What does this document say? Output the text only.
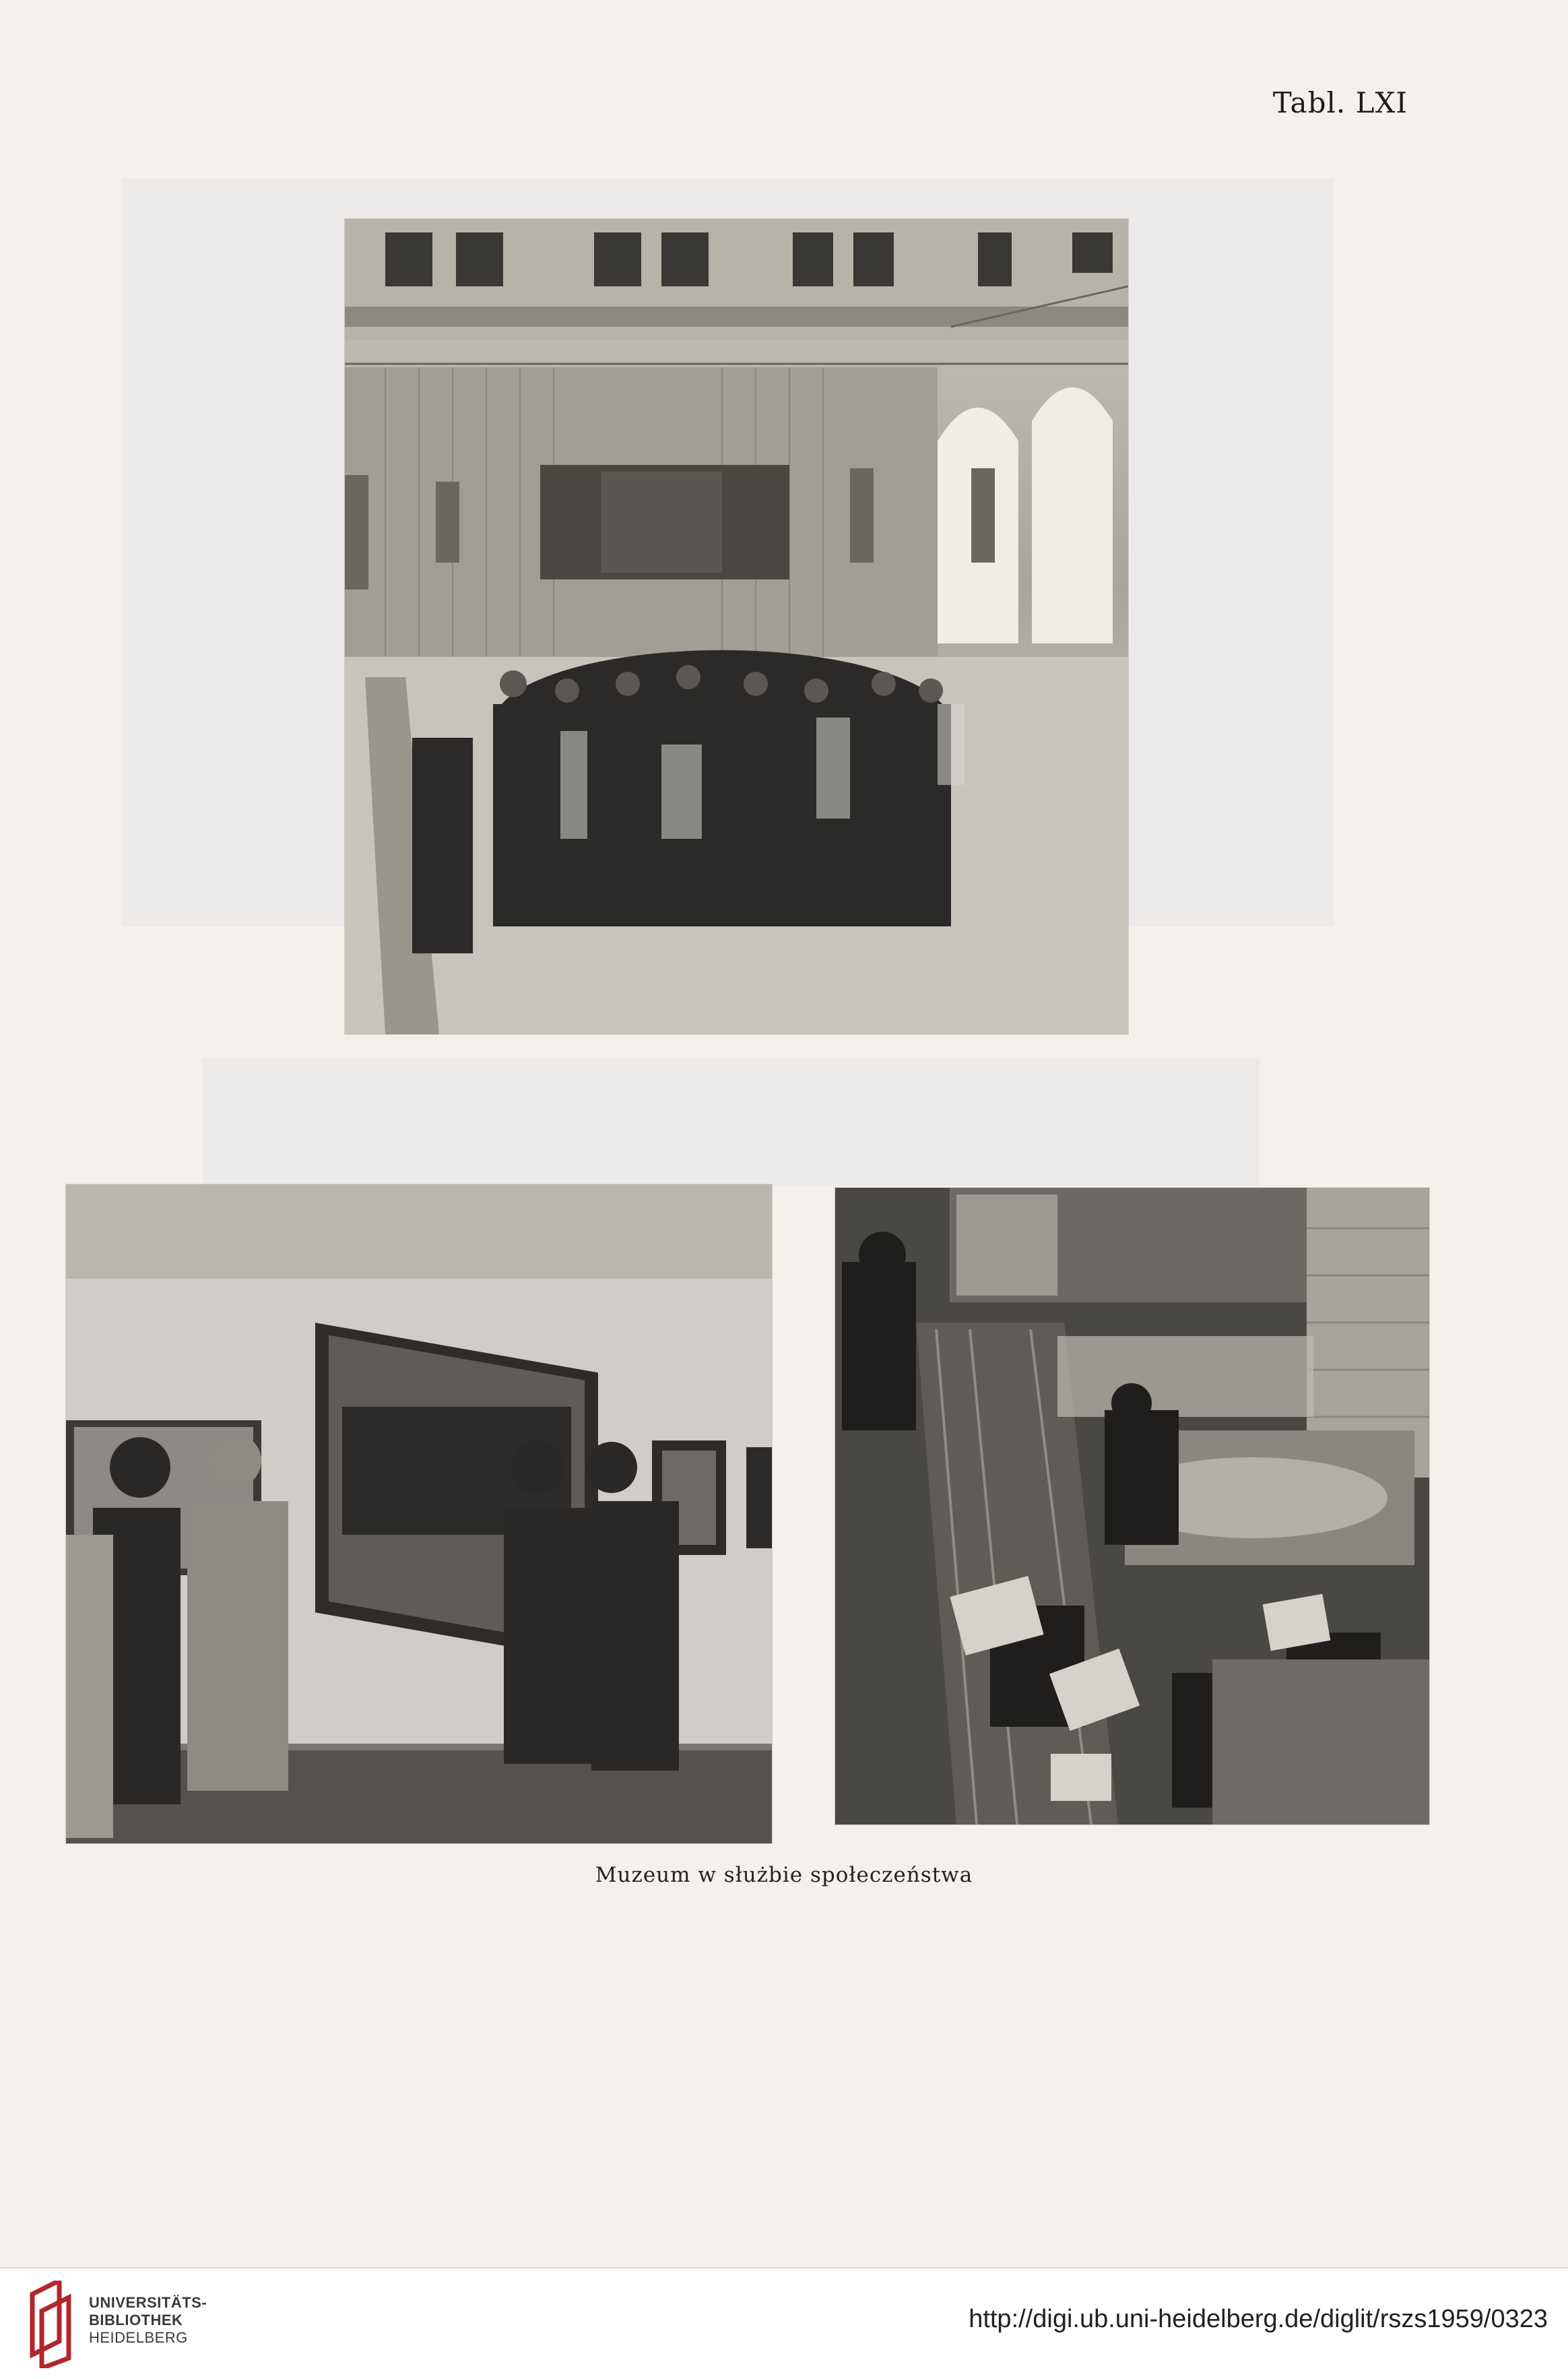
Tabl. LXI
Muzeum w służbie społeczeństwa
UNIVERSITÄTS-
BIBLIOTHEK
HEIDELBERG
http://digi.ub.uni-heidelberg.de/diglit/rszs1959/0323
